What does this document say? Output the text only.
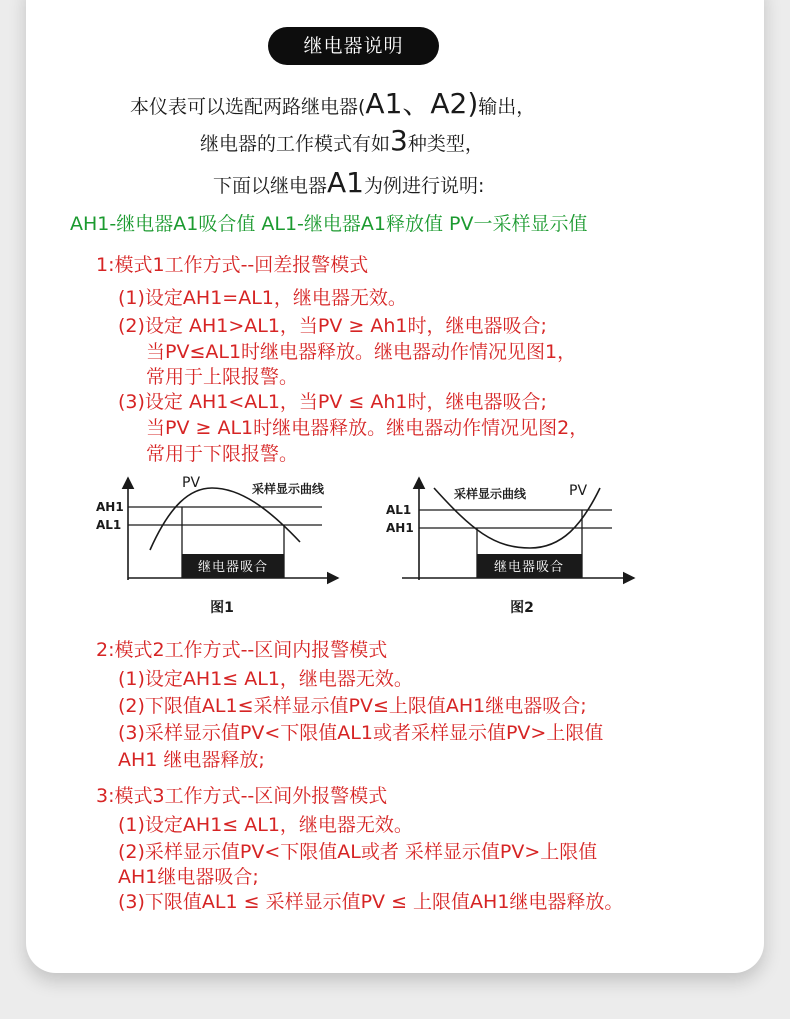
继电器说明
本仪表可以选配两路继电器(A1、A2)输出，
继电器的工作模式有如3种类型，
下面以继电器A1为例进行说明:
AH1-继电器A1吸合值 AL1-继电器A1释放值 PV一采样显示值
1:模式1工作方式--回差报警模式
(1)设定AH1=AL1，继电器无效。
(2)设定 AH1>AL1，当PV ≥ Ah1时，继电器吸合;
当PV≤AL1时继电器释放。继电器动作情况见图1，
常用于上限报警。
(3)设定 AH1<AL1，当PV ≤ Ah1时，继电器吸合;
当PV ≥ AL1时继电器释放。继电器动作情况见图2，
常用于下限报警。
继电器吸合
PV	采样显示曲线
AH1
AL1
图1
继电器吸合
PV
采样显示曲线
AL1
AH1
图2
2:模式2工作方式--区间内报警模式
(1)设定AH1≤ AL1，继电器无效。
(2)下限值AL1≤采样显示值PV≤上限值AH1继电器吸合;
(3)采样显示值PV<下限值AL1或者采样显示值PV>上限值
AH1 继电器释放;
3:模式3工作方式--区间外报警模式
(1)设定AH1≤ AL1，继电器无效。
(2)采样显示值PV<下限值AL或者 采样显示值PV>上限值
AH1继电器吸合;
(3)下限值AL1 ≤ 采样显示值PV ≤ 上限值AH1继电器释放。
